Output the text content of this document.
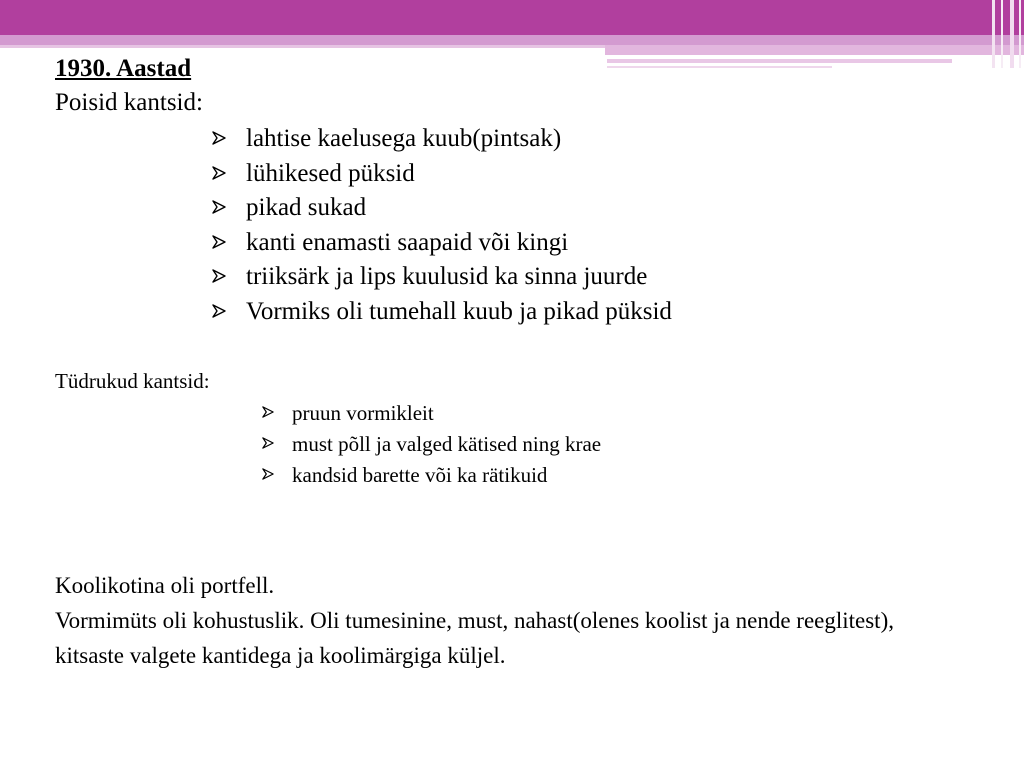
1930. Aastad
Poisid kantsid:
lahtise kaelusega kuub(pintsak)
lühikesed püksid
pikad sukad
kanti enamasti saapaid või kingi
triiksärk ja lips kuulusid ka sinna juurde
Vormiks oli tumehall kuub ja pikad püksid
Tüdrukud kantsid:
pruun vormikleit
must põll ja valged kätised ning krae
kandsid barette või ka rätikuid

Koolikotina oli portfell.

Vormimüts oli kohustuslik. Oli tumesinine, must, nahast(olenes koolist ja nende reeglitest), kitsaste valgete kantidega ja koolimärgiga küljel.
